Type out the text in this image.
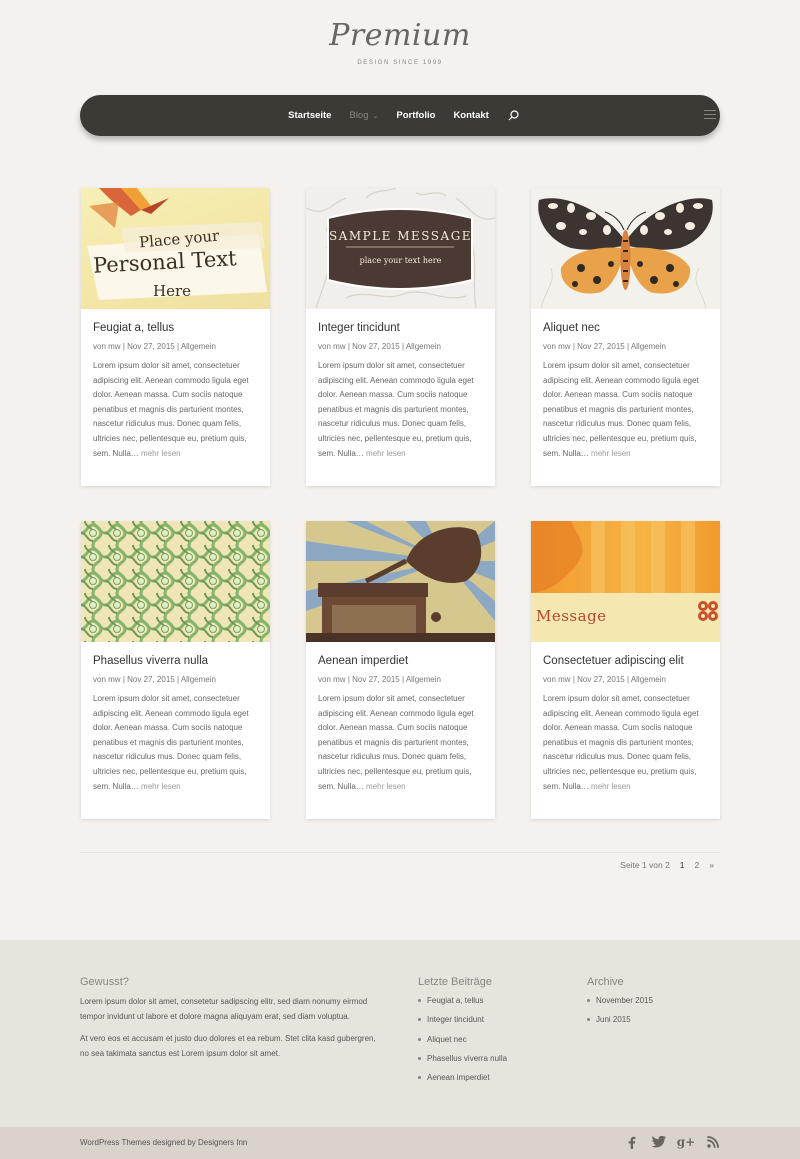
Premium
DESIGN SINCE 1999
Startseite Blog ⌄ Portfolio Kontakt
Place your
Personal Text
Here
Feugiat a, tellus
von mw | Nov 27, 2015 | Allgemein
Lorem ipsum dolor sit amet, consectetuer adipiscing elit. Aenean commodo ligula eget dolor. Aenean massa. Cum sociis natoque penatibus et magnis dis parturient montes, nascetur ridiculus mus. Donec quam felis, ultricies nec, pellentesque eu, pretium quis, sem. Nulla… mehr lesen
SAMPLE MESSAGE
place your text here
Integer tincidunt
von mw | Nov 27, 2015 | Allgemein
Lorem ipsum dolor sit amet, consectetuer adipiscing elit. Aenean commodo ligula eget dolor. Aenean massa. Cum sociis natoque penatibus et magnis dis parturient montes, nascetur ridiculus mus. Donec quam felis, ultricies nec, pellentesque eu, pretium quis, sem. Nulla… mehr lesen
Aliquet nec
von mw | Nov 27, 2015 | Allgemein
Lorem ipsum dolor sit amet, consectetuer adipiscing elit. Aenean commodo ligula eget dolor. Aenean massa. Cum sociis natoque penatibus et magnis dis parturient montes, nascetur ridiculus mus. Donec quam felis, ultricies nec, pellentesque eu, pretium quis, sem. Nulla… mehr lesen
Phasellus viverra nulla
von mw | Nov 27, 2015 | Allgemein
Lorem ipsum dolor sit amet, consectetuer adipiscing elit. Aenean commodo ligula eget dolor. Aenean massa. Cum sociis natoque penatibus et magnis dis parturient montes, nascetur ridiculus mus. Donec quam felis, ultricies nec, pellentesque eu, pretium quis, sem. Nulla… mehr lesen
Aenean imperdiet
von mw | Nov 27, 2015 | Allgemein
Lorem ipsum dolor sit amet, consectetuer adipiscing elit. Aenean commodo ligula eget dolor. Aenean massa. Cum sociis natoque penatibus et magnis dis parturient montes, nascetur ridiculus mus. Donec quam felis, ultricies nec, pellentesque eu, pretium quis, sem. Nulla… mehr lesen
Message
Consectetuer adipiscing elit
von mw | Nov 27, 2015 | Allgemein
Lorem ipsum dolor sit amet, consectetuer adipiscing elit. Aenean commodo ligula eget dolor. Aenean massa. Cum sociis natoque penatibus et magnis dis parturient montes, nascetur ridiculus mus. Donec quam felis, ultricies nec, pellentesque eu, pretium quis, sem. Nulla… mehr lesen
Seite 1 von 2 1 2 »
Gewusst?

Lorem ipsum dolor sit amet, consetetur sadipscing elitr, sed diam nonumy eirmod tempor invidunt ut labore et dolore magna aliquyam erat, sed diam voluptua.

At vero eos et accusam et justo duo dolores et ea rebum. Stet clita kasd gubergren, no sea takimata sanctus est Lorem ipsum dolor sit amet.

Letzte Beiträge
Feugiat a, tellus
Integer tincidunt
Aliquet nec
Phasellus viverra nulla
Aenean imperdiet
Archive
November 2015
Juni 2015
WordPress Themes designed by Designers Inn	g+
